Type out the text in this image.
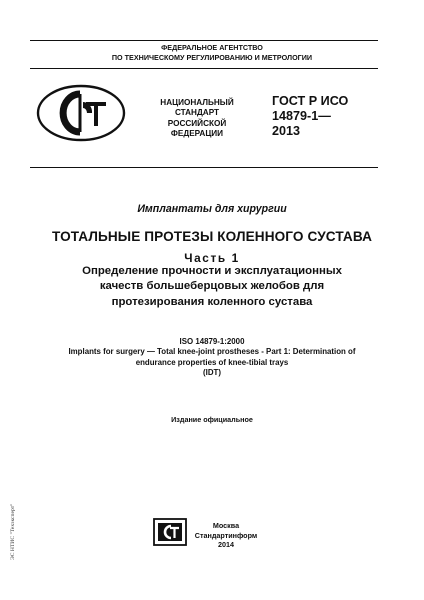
ФЕДЕРАЛЬНОЕ АГЕНТСТВО
ПО ТЕХНИЧЕСКОМУ РЕГУЛИРОВАНИЮ И МЕТРОЛОГИИ
НАЦИОНАЛЬНЫЙ
СТАНДАРТ
РОССИЙСКОЙ
ФЕДЕРАЦИИ
ГОСТ Р ИСО
14879-1—
2013
Имплантаты для хирургии
ТОТАЛЬНЫЕ ПРОТЕЗЫ КОЛЕННОГО СУСТАВА
Часть 1
Определение прочности и эксплуатационных
качеств большеберцовых желобов для
протезирования коленного сустава
ISO 14879-1:2000
Implants for surgery — Total knee-joint prostheses - Part 1: Determination of
endurance properties of knee-tibial trays
(IDT)
Издание официальное
Москва
Стандартинформ
2014
ЭС НТИС "Техэксперт"
